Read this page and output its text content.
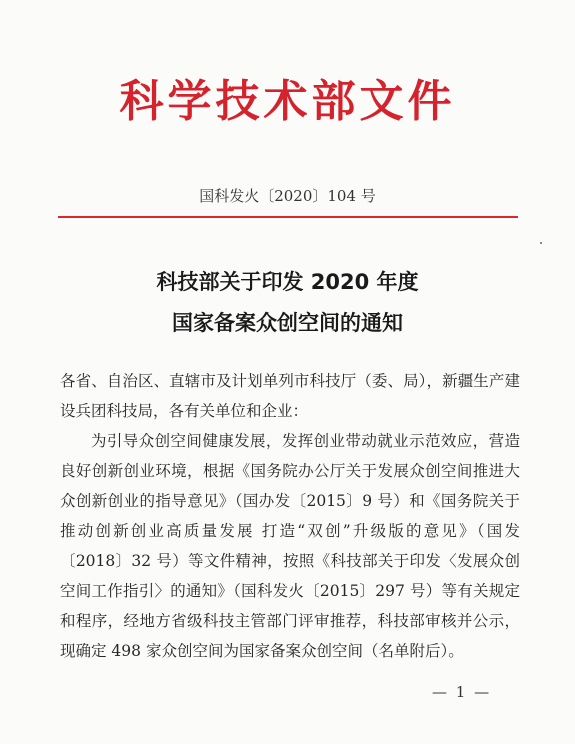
科学技术部文件
国科发火〔2020〕104 号
科技部关于印发 2020 年度
国家备案众创空间的通知
各省、自治区、直辖市及计划单列市科技厅（委、局），新疆生产建设兵团科技局，各有关单位和企业：
为引导众创空间健康发展，发挥创业带动就业示范效应，营造良好创新创业环境，根据《国务院办公厅关于发展众创空间推进大众创新创业的指导意见》（国办发〔2015〕9 号）和《国务院关于推动创新创业高质量发展 打造“双创”升级版的意见》（国发〔2018〕32 号）等文件精神，按照《科技部关于印发〈发展众创空间工作指引〉的通知》（国科发火〔2015〕297 号）等有关规定和程序，经地方省级科技主管部门评审推荐，科技部审核并公示，现确定 498 家众创空间为国家备案众创空间（名单附后）。
— 1 —
